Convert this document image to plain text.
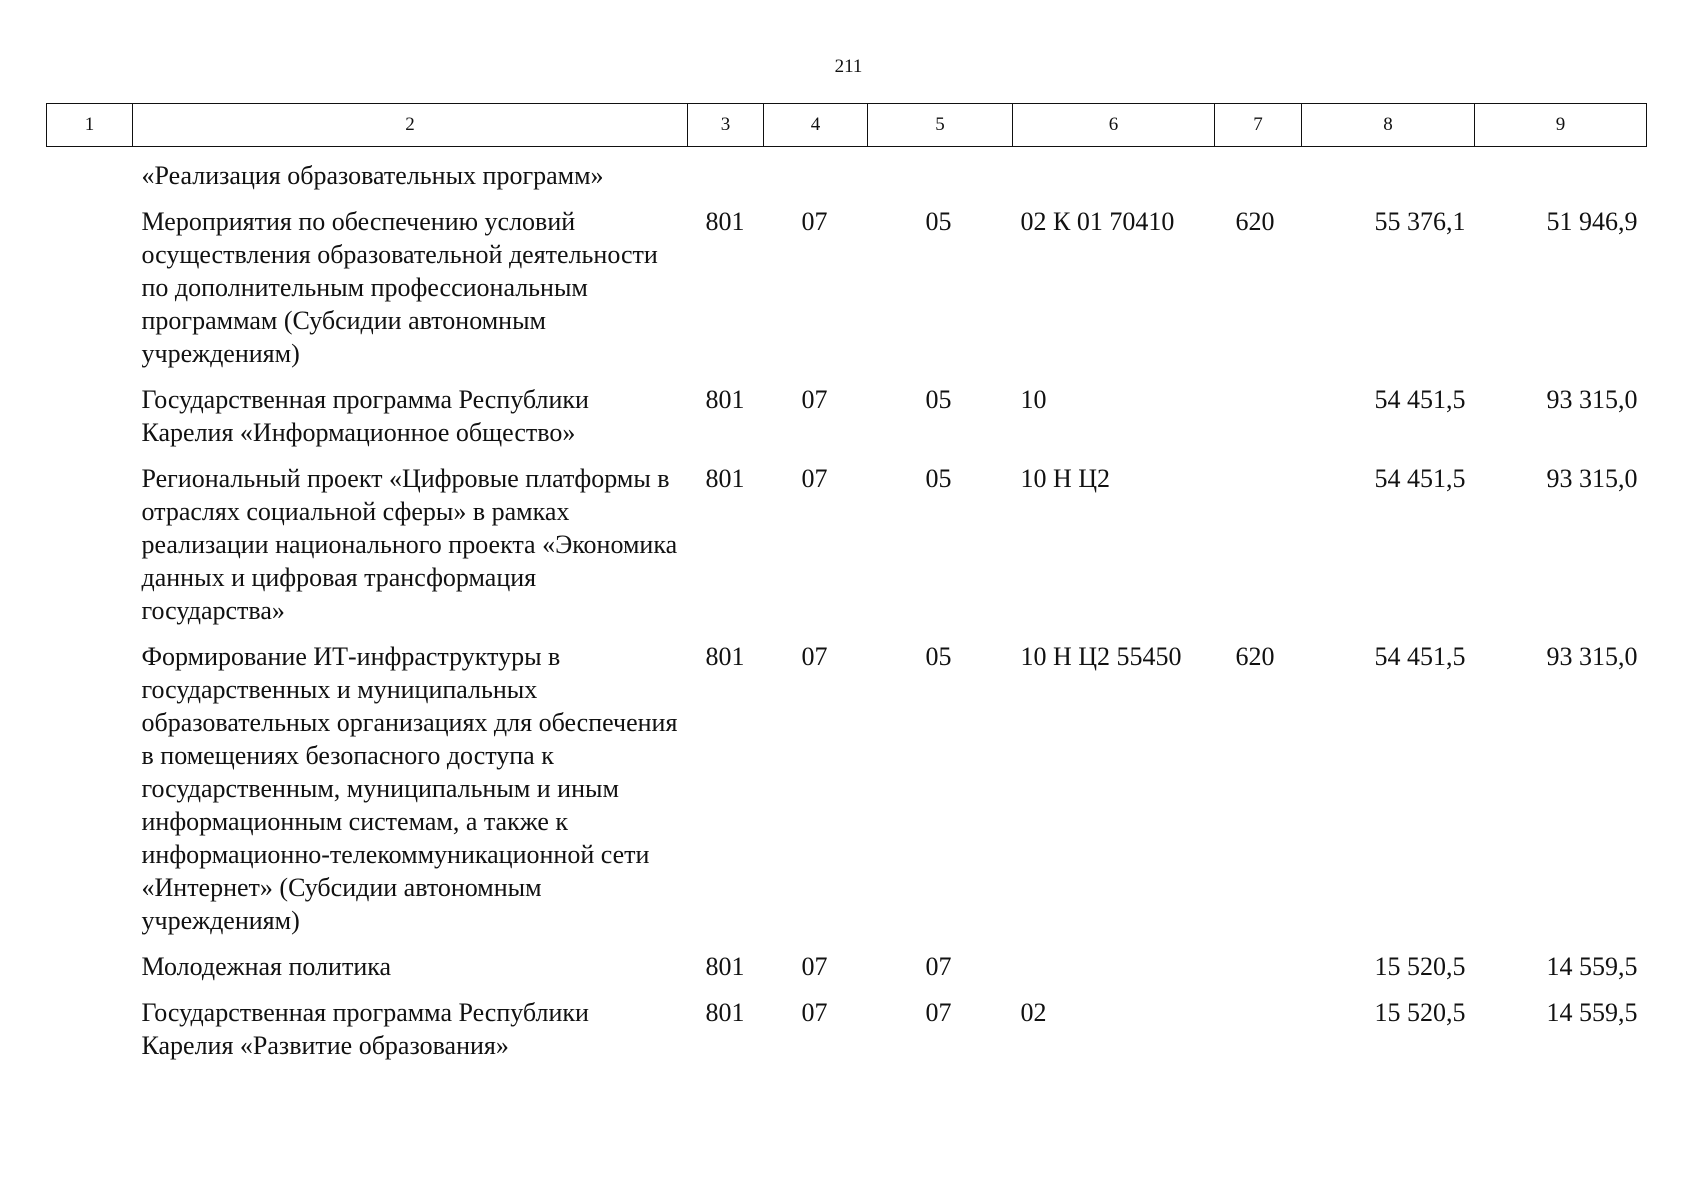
211
1	2	3	4	5	6	7	8	9
	«Реализация образовательных программ»							
	Мероприятия по обеспечению условий осуществления образовательной деятельности по дополнительным профессиональным программам (Субсидии автономным учреждениям)	801	07	05	02 К 01 70410	620	55 376,1	51 946,9
	Государственная программа Республики Карелия «Информационное общество»	801	07	05	10		54 451,5	93 315,0
	Региональный проект «Цифровые платформы в отраслях социальной сферы» в рамках реализации национального проекта «Экономика данных и цифровая трансформация государства»	801	07	05	10 Н Ц2		54 451,5	93 315,0
	Формирование ИТ-инфраструктуры в государственных и муниципальных образовательных организациях для обеспечения в помещениях безопасного доступа к государственным, муниципальным и иным информационным системам, а также к информационно-телекоммуникационной сети «Интернет» (Субсидии автономным учреждениям)	801	07	05	10 Н Ц2 55450	620	54 451,5	93 315,0
	Молодежная политика	801	07	07			15 520,5	14 559,5
	Государственная программа Республики Карелия «Развитие образования»	801	07	07	02		15 520,5	14 559,5
